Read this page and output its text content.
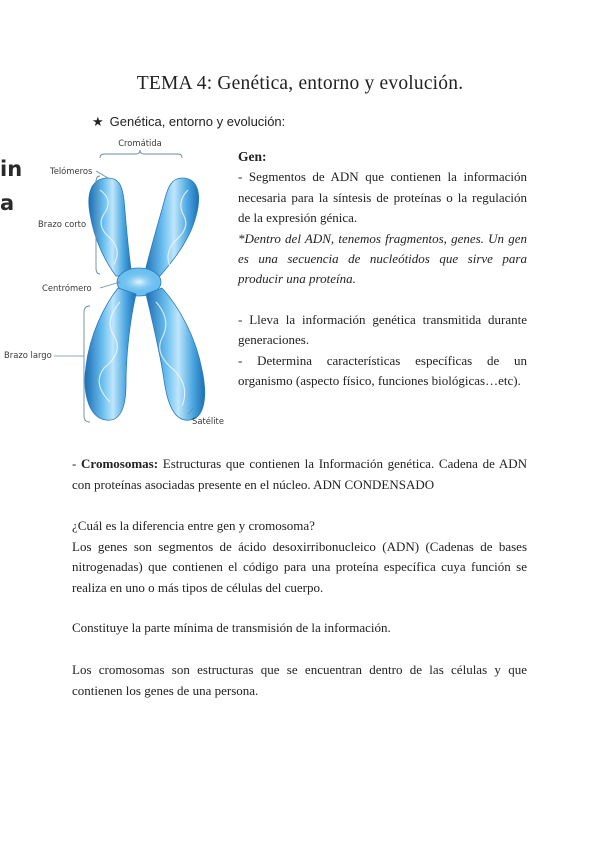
TEMA 4: Genética, entorno y evolución.
★ Genética, entorno y evolución:
in
a
Cromátida
Telómeros
Brazo corto
Centrómero
Brazo largo
Satélite

Gen:

- Segmentos de ADN que contienen la información necesaria para la síntesis de proteínas o la regulación de la expresión génica.

*Dentro del ADN, tenemos fragmentos, genes. Un gen es una secuencia de nucleótidos que sirve para producir una proteína.

- Lleva la información genética transmitida durante generaciones.

- Determina características específicas de un organismo (aspecto físico, funciones biológicas…etc).

- Cromosomas: Estructuras que contienen la Información genética. Cadena de ADN con proteínas asociadas presente en el núcleo. ADN CONDENSADO

¿Cuál es la diferencia entre gen y cromosoma?

Los genes son segmentos de ácido desoxirribonucleico (ADN) (Cadenas de bases nitrogenadas) que contienen el código para una proteína específica cuya función se realiza en uno o más tipos de células del cuerpo.

Constituye la parte mínima de transmisión de la información.

Los cromosomas son estructuras que se encuentran dentro de las células y que contienen los genes de una persona.
